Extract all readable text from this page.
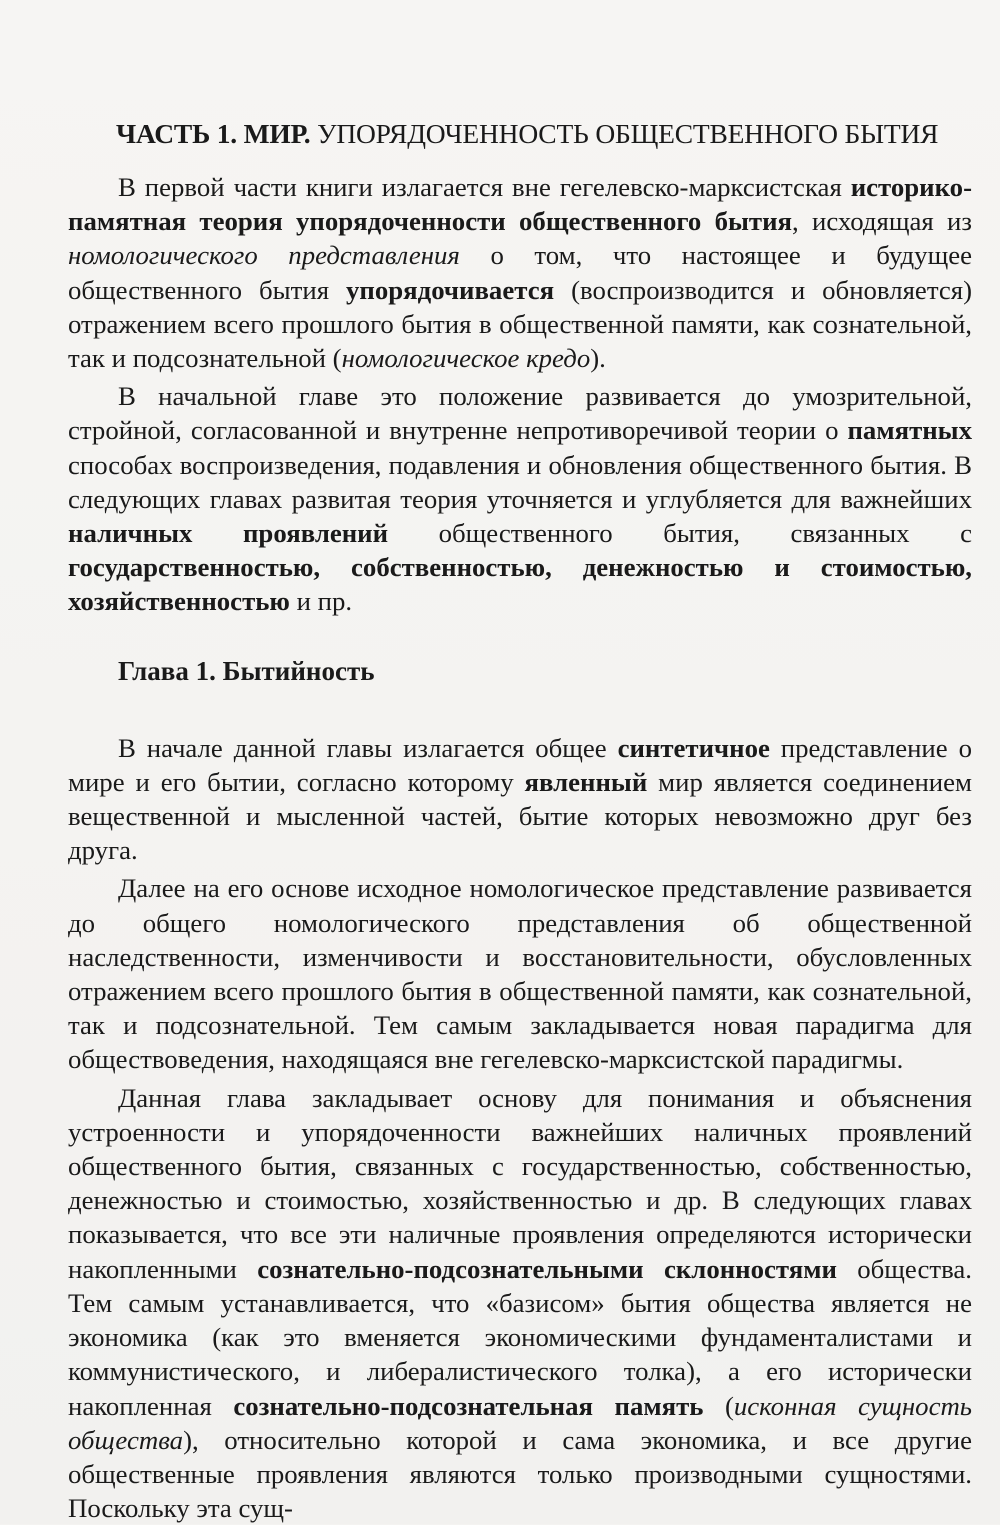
ЧАСТЬ 1. МИР. УПОРЯДОЧЕННОСТЬ ОБЩЕСТВЕННОГО БЫТИЯ

В первой части книги излагается вне гегелевско-марксистская историко-памятная теория упорядоченности общественного бытия, исходящая из номологического представления о том, что настоящее и будущее общественного бытия упорядочивается (воспроизводится и обновляется) отражением всего прошлого бытия в общественной памяти, как сознательной, так и подсознательной (номологическое кредо).

В начальной главе это положение развивается до умозрительной, стройной, согласованной и внутренне непротиворечивой теории о памятных способах воспроизведения, подавления и обновления общественного бытия. В следующих главах развитая теория уточняется и углубляется для важнейших наличных проявлений общественного бытия, связанных с государственностью, собственностью, денежностью и стоимостью, хозяйственностью и пр.

Глава 1. Бытийность

В начале данной главы излагается общее синтетичное представление о мире и его бытии, согласно которому явленный мир является соединением вещественной и мысленной частей, бытие которых невозможно друг без друга.

Далее на его основе исходное номологическое представление развивается до общего номологического представления об общественной наследственности, изменчивости и восстановительности, обусловленных отражением всего прошлого бытия в общественной памяти, как сознательной, так и подсознательной. Тем самым закладывается новая парадигма для обществоведения, находящаяся вне гегелевско-марксистской парадигмы.

Данная глава закладывает основу для понимания и объяснения устроенности и упорядоченности важнейших наличных проявлений общественного бытия, связанных с государственностью, собственностью, денежностью и стоимостью, хозяйственностью и др. В следующих главах показывается, что все эти наличные проявления определяются исторически накопленными сознательно-подсознательными склонностями общества. Тем самым устанавливается, что «базисом» бытия общества является не экономика (как это вменяется экономическими фундаменталистами и коммунистического, и либералистического толка), а его исторически накопленная сознательно-подсознательная память (исконная сущность общества), относительно которой и сама экономика, и все другие общественные проявления являются только производными сущностями. Поскольку эта сущ-
